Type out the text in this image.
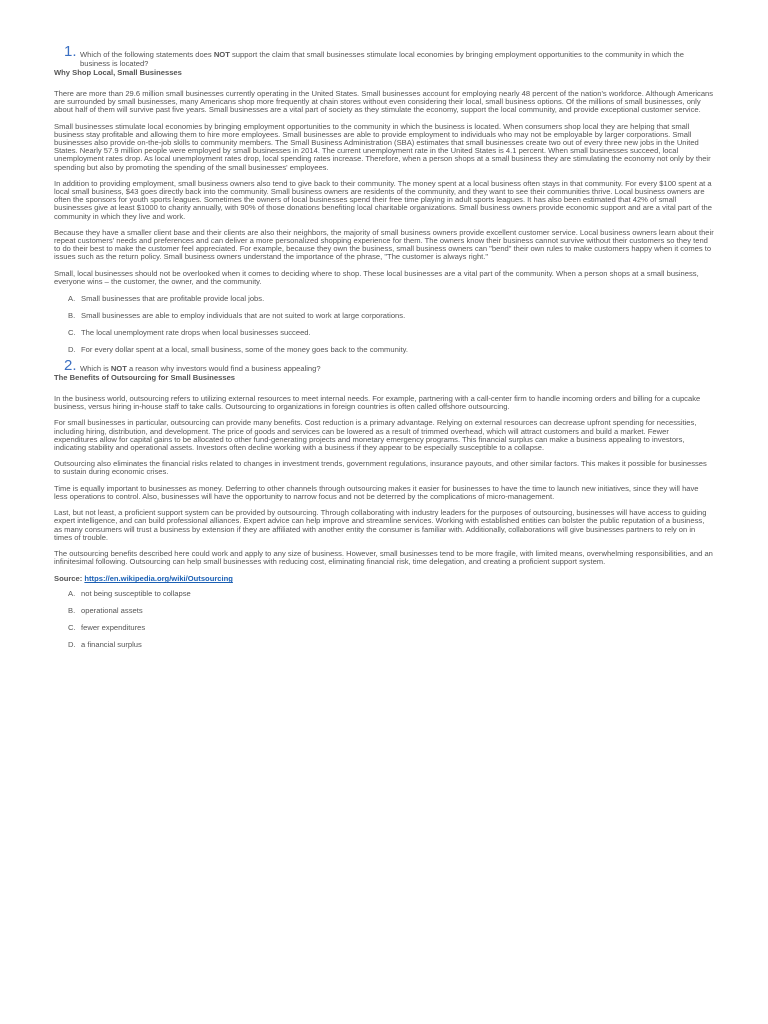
1. Which of the following statements does NOT support the claim that small businesses stimulate local economies by bringing employment opportunities to the community in which the business is located?

Why Shop Local, Small Businesses

There are more than 29.6 million small businesses currently operating in the United States. Small businesses account for employing nearly 48 percent of the nation's workforce. Although Americans are surrounded by small businesses, many Americans shop more frequently at chain stores without even considering their local, small business options. Of the millions of small businesses, only about half of them will survive past five years. Small businesses are a vital part of society as they stimulate the economy, support the local community, and provide exceptional customer service.

Small businesses stimulate local economies by bringing employment opportunities to the community in which the business is located. When consumers shop local they are helping that small business stay profitable and allowing them to hire more employees. Small businesses are able to provide employment to individuals who may not be employable by larger corporations. Small businesses also provide on-the-job skills to community members. The Small Business Administration (SBA) estimates that small businesses create two out of every three new jobs in the United States. Nearly 57.9 million people were employed by small businesses in 2014. The current unemployment rate in the United States is 4.1 percent. When small businesses succeed, local unemployment rates drop. As local unemployment rates drop, local spending rates increase. Therefore, when a person shops at a small business they are stimulating the economy not only by their spending but also by promoting the spending of the small businesses' employees.

In addition to providing employment, small business owners also tend to give back to their community. The money spent at a local business often stays in that community. For every $100 spent at a local small business, $43 goes directly back into the community. Small business owners are residents of the community, and they want to see their communities thrive. Local business owners are often the sponsors for youth sports leagues. Sometimes the owners of local businesses spend their free time playing in adult sports leagues. It has also been estimated that 42% of small businesses give at least $1000 to charity annually, with 90% of those donations benefiting local charitable organizations. Small business owners provide economic support and are a vital part of the community in which they live and work.

Because they have a smaller client base and their clients are also their neighbors, the majority of small business owners provide excellent customer service. Local business owners learn about their repeat customers' needs and preferences and can deliver a more personalized shopping experience for them. The owners know their business cannot survive without their customers so they tend to do their best to make the customer feel appreciated. For example, because they own the business, small business owners can "bend" their own rules to make customers happy when it comes to issues such as the return policy. Small business owners understand the importance of the phrase, "The customer is always right."

Small, local businesses should not be overlooked when it comes to deciding where to shop. These local businesses are a vital part of the community. When a person shops at a small business, everyone wins – the customer, the owner, and the community.

A. Small businesses that are profitable provide local jobs.
B. Small businesses are able to employ individuals that are not suited to work at large corporations.
C. The local unemployment rate drops when local businesses succeed.
D. For every dollar spent at a local, small business, some of the money goes back to the community.

2. Which is NOT a reason why investors would find a business appealing?

The Benefits of Outsourcing for Small Businesses

In the business world, outsourcing refers to utilizing external resources to meet internal needs. For example, partnering with a call-center firm to handle incoming orders and billing for a cupcake business, versus hiring in-house staff to take calls. Outsourcing to organizations in foreign countries is often called offshore outsourcing.

For small businesses in particular, outsourcing can provide many benefits. Cost reduction is a primary advantage. Relying on external resources can decrease upfront spending for necessities, including hiring, distribution, and development. The price of goods and services can be lowered as a result of trimmed overhead, which will attract customers and build a market. Fewer expenditures allow for capital gains to be allocated to other fund-generating projects and monetary emergency programs. This financial surplus can make a business appealing to investors, indicating stability and operational assets. Investors often decline working with a business if they appear to be especially susceptible to a collapse.

Outsourcing also eliminates the financial risks related to changes in investment trends, government regulations, insurance payouts, and other similar factors. This makes it possible for businesses to sustain during economic crises.

Time is equally important to businesses as money. Deferring to other channels through outsourcing makes it easier for businesses to have the time to launch new initiatives, since they will have less operations to control. Also, businesses will have the opportunity to narrow focus and not be deterred by the complications of micro-management.

Last, but not least, a proficient support system can be provided by outsourcing. Through collaborating with industry leaders for the purposes of outsourcing, businesses will have access to guiding expert intelligence, and can build professional alliances. Expert advice can help improve and streamline services. Working with established entities can bolster the public reputation of a business, as many consumers will trust a business by extension if they are affiliated with another entity the consumer is familiar with. Additionally, collaborations will give businesses partners to rely on in times of trouble.

The outsourcing benefits described here could work and apply to any size of business. However, small businesses tend to be more fragile, with limited means, overwhelming responsibilities, and an infinitesimal following. Outsourcing can help small businesses with reducing cost, eliminating financial risk, time delegation, and creating a proficient support system.

Source: https://en.wikipedia.org/wiki/Outsourcing

A. not being susceptible to collapse
B. operational assets
C. fewer expenditures
D. a financial surplus
